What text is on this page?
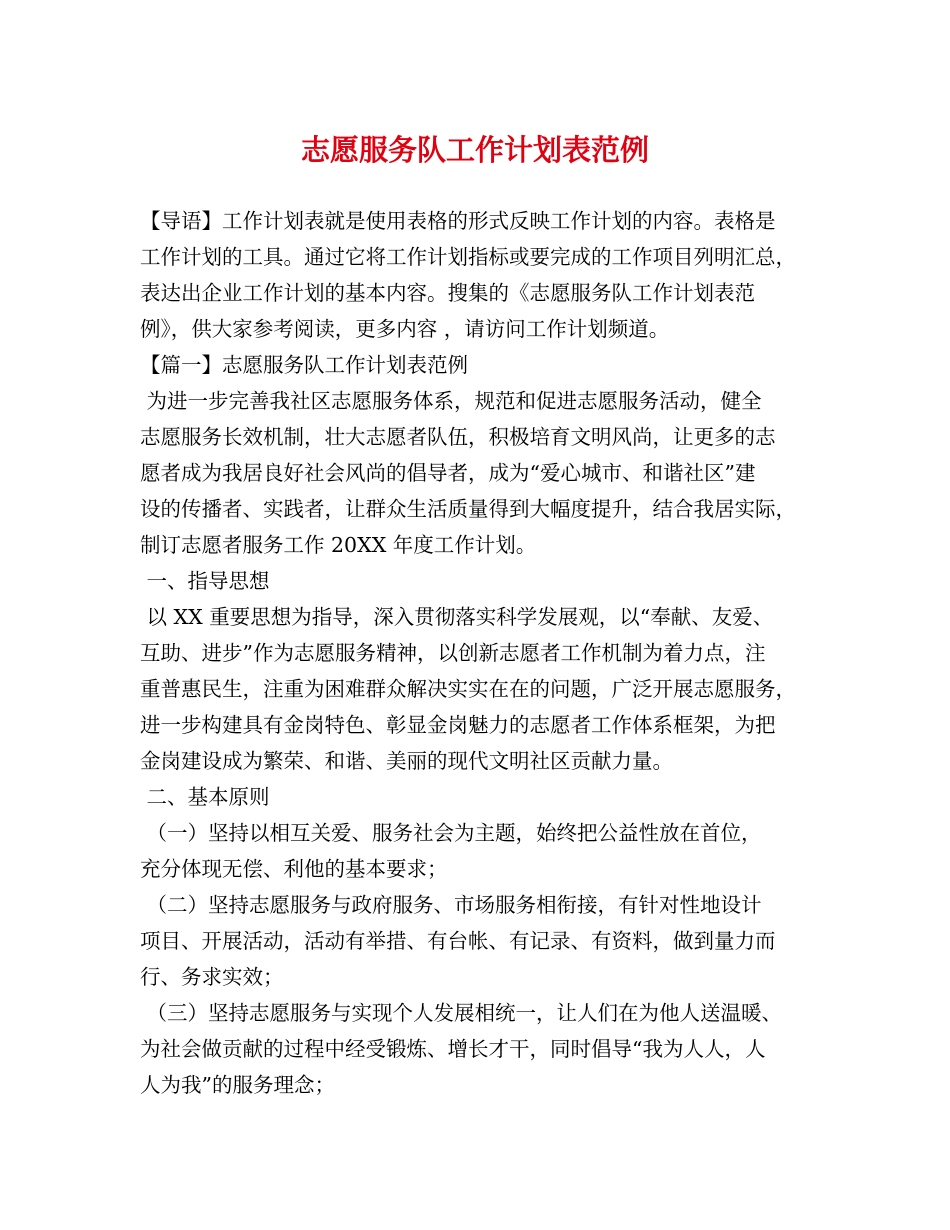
志愿服务队工作计划表范例
【导语】工作计划表就是使用表格的形式反映工作计划的内容。表格是
工作计划的工具。通过它将工作计划指标或要完成的工作项目列明汇总，
表达出企业工作计划的基本内容。搜集的《志愿服务队工作计划表范
例》，供大家参考阅读，更多内容 ，请访问工作计划频道。
【篇一】志愿服务队工作计划表范例
为进一步完善我社区志愿服务体系，规范和促进志愿服务活动，健全
志愿服务长效机制，壮大志愿者队伍，积极培育文明风尚，让更多的志
愿者成为我居良好社会风尚的倡导者，成为“爱心城市、和谐社区”建
设的传播者、实践者，让群众生活质量得到大幅度提升，结合我居实际，
制订志愿者服务工作 20XX 年度工作计划。
一、指导思想
以 XX 重要思想为指导，深入贯彻落实科学发展观，以“奉献、友爱、
互助、进步”作为志愿服务精神，以创新志愿者工作机制为着力点，注
重普惠民生，注重为困难群众解决实实在在的问题，广泛开展志愿服务，
进一步构建具有金岗特色、彰显金岗魅力的志愿者工作体系框架，为把
金岗建设成为繁荣、和谐、美丽的现代文明社区贡献力量。
二、基本原则
（一）坚持以相互关爱、服务社会为主题，始终把公益性放在首位，
充分体现无偿、利他的基本要求；
（二）坚持志愿服务与政府服务、市场服务相衔接，有针对性地设计
项目、开展活动，活动有举措、有台帐、有记录、有资料，做到量力而
行、务求实效；
（三）坚持志愿服务与实现个人发展相统一，让人们在为他人送温暖、
为社会做贡献的过程中经受锻炼、增长才干，同时倡导“我为人人，人
人为我”的服务理念；
